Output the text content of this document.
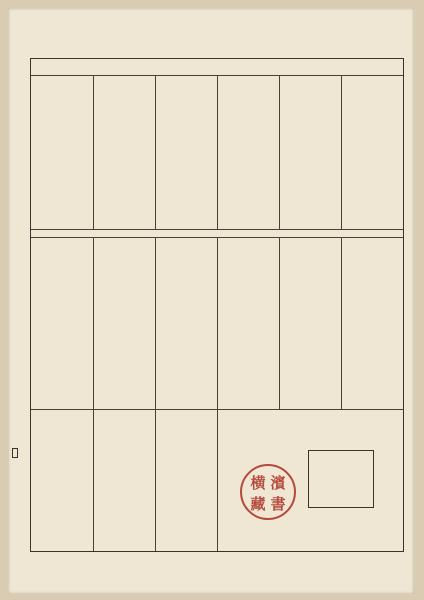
横 濱
藏 書
